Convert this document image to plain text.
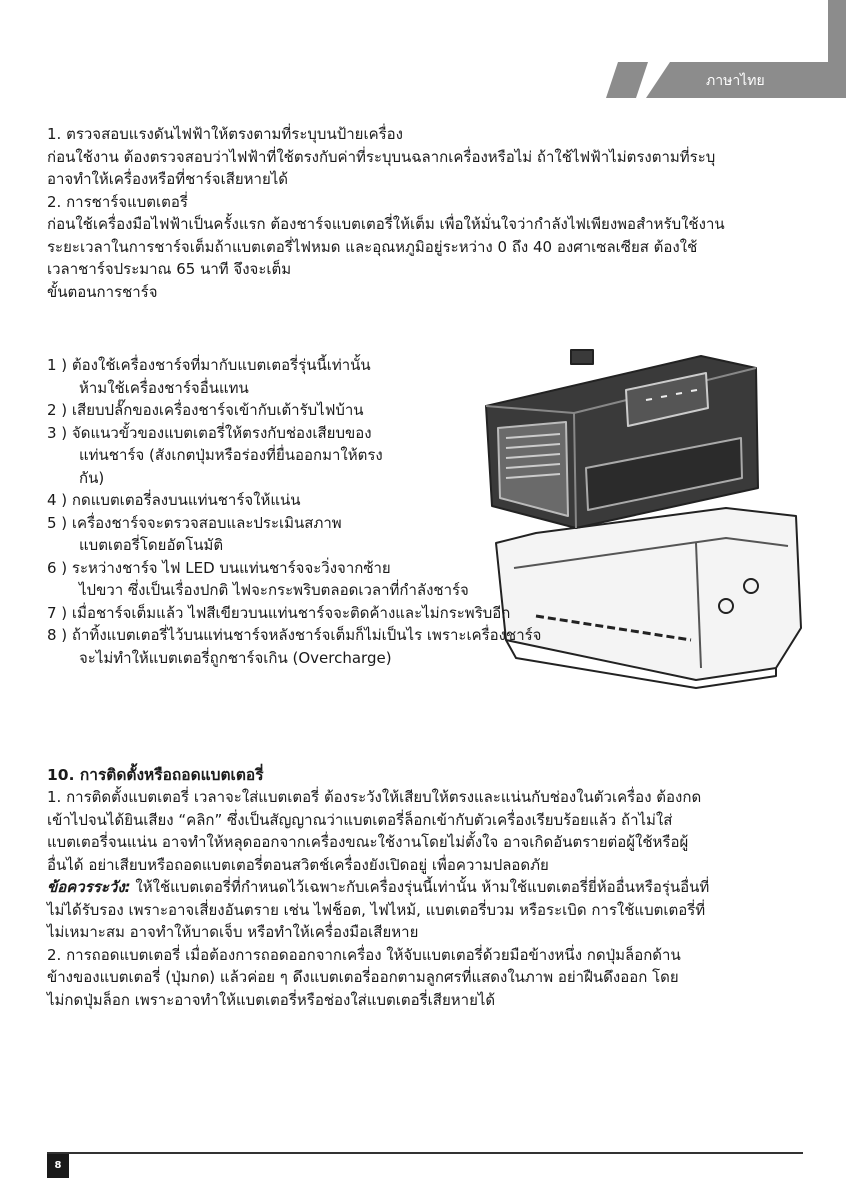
ภาษาไทย

1. ตรวจสอบแรงดันไฟฟ้าให้ตรงตามที่ระบุบนป้ายเครื่อง

ก่อนใช้งาน ต้องตรวจสอบว่าไฟฟ้าที่ใช้ตรงกับค่าที่ระบุบนฉลากเครื่องหรือไม่ ถ้าใช้ไฟฟ้าไม่ตรงตามที่ระบุ

อาจทำให้เครื่องหรือที่ชาร์จเสียหายได้

2. การชาร์จแบตเตอรี่

ก่อนใช้เครื่องมือไฟฟ้าเป็นครั้งแรก ต้องชาร์จแบตเตอรี่ให้เต็ม เพื่อให้มั่นใจว่ากำลังไฟเพียงพอสำหรับใช้งาน

ระยะเวลาในการชาร์จเต็มถ้าแบตเตอรี่ไฟหมด และอุณหภูมิอยู่ระหว่าง 0 ถึง 40 องศาเซลเซียส ต้องใช้

เวลาชาร์จประมาณ 65 นาที จึงจะเต็ม

ขั้นตอนการชาร์จ

1 ) ต้องใช้เครื่องชาร์จที่มากับแบตเตอรี่รุ่นนี้เท่านั้น

ห้ามใช้เครื่องชาร์จอื่นแทน

2 ) เสียบปลั๊กของเครื่องชาร์จเข้ากับเต้ารับไฟบ้าน

3 ) จัดแนวขั้วของแบตเตอรี่ให้ตรงกับช่องเสียบของ

แท่นชาร์จ (สังเกตปุ่มหรือร่องที่ยื่นออกมาให้ตรง

กัน)

4 ) กดแบตเตอรี่ลงบนแท่นชาร์จให้แน่น

5 ) เครื่องชาร์จจะตรวจสอบและประเมินสภาพ

แบตเตอรี่โดยอัตโนมัติ

6 ) ระหว่างชาร์จ ไฟ LED บนแท่นชาร์จจะวิ่งจากซ้าย

ไปขวา ซึ่งเป็นเรื่องปกติ ไฟจะกระพริบตลอดเวลาที่กำลังชาร์จ

7 ) เมื่อชาร์จเต็มแล้ว ไฟสีเขียวบนแท่นชาร์จจะติดค้างและไม่กระพริบอีก

8 ) ถ้าทิ้งแบตเตอรี่ไว้บนแท่นชาร์จหลังชาร์จเต็มก็ไม่เป็นไร เพราะเครื่องชาร์จ

จะไม่ทำให้แบตเตอรี่ถูกชาร์จเกิน (Overcharge)

10. การติดตั้งหรือถอดแบตเตอรี่

1. การติดตั้งแบตเตอรี่ เวลาจะใส่แบตเตอรี่ ต้องระวังให้เสียบให้ตรงและแน่นกับช่องในตัวเครื่อง ต้องกด

เข้าไปจนได้ยินเสียง “คลิก” ซึ่งเป็นสัญญาณว่าแบตเตอรี่ล็อกเข้ากับตัวเครื่องเรียบร้อยแล้ว ถ้าไม่ใส่

แบตเตอรี่จนแน่น อาจทำให้หลุดออกจากเครื่องขณะใช้งานโดยไม่ตั้งใจ อาจเกิดอันตรายต่อผู้ใช้หรือผู้

อื่นได้ อย่าเสียบหรือถอดแบตเตอรี่ตอนสวิตช์เครื่องยังเปิดอยู่ เพื่อความปลอดภัย

ข้อควรระวัง: ให้ใช้แบตเตอรี่ที่กำหนดไว้เฉพาะกับเครื่องรุ่นนี้เท่านั้น ห้ามใช้แบตเตอรี่ยี่ห้ออื่นหรือรุ่นอื่นที่

ไม่ได้รับรอง เพราะอาจเสี่ยงอันตราย เช่น ไฟช็อต, ไฟไหม้, แบตเตอรี่บวม หรือระเบิด การใช้แบตเตอรี่ที่

ไม่เหมาะสม อาจทำให้บาดเจ็บ หรือทำให้เครื่องมือเสียหาย

2. การถอดแบตเตอรี่ เมื่อต้องการถอดออกจากเครื่อง ให้จับแบตเตอรี่ด้วยมือข้างหนึ่ง กดปุ่มล็อกด้าน

ข้างของแบตเตอรี่ (ปุ่มกด) แล้วค่อย ๆ ดึงแบตเตอรี่ออกตามลูกศรที่แสดงในภาพ อย่าฝืนดึงออก โดย

ไม่กดปุ่มล็อก เพราะอาจทำให้แบตเตอรี่หรือช่องใส่แบตเตอรี่เสียหายได้

8
